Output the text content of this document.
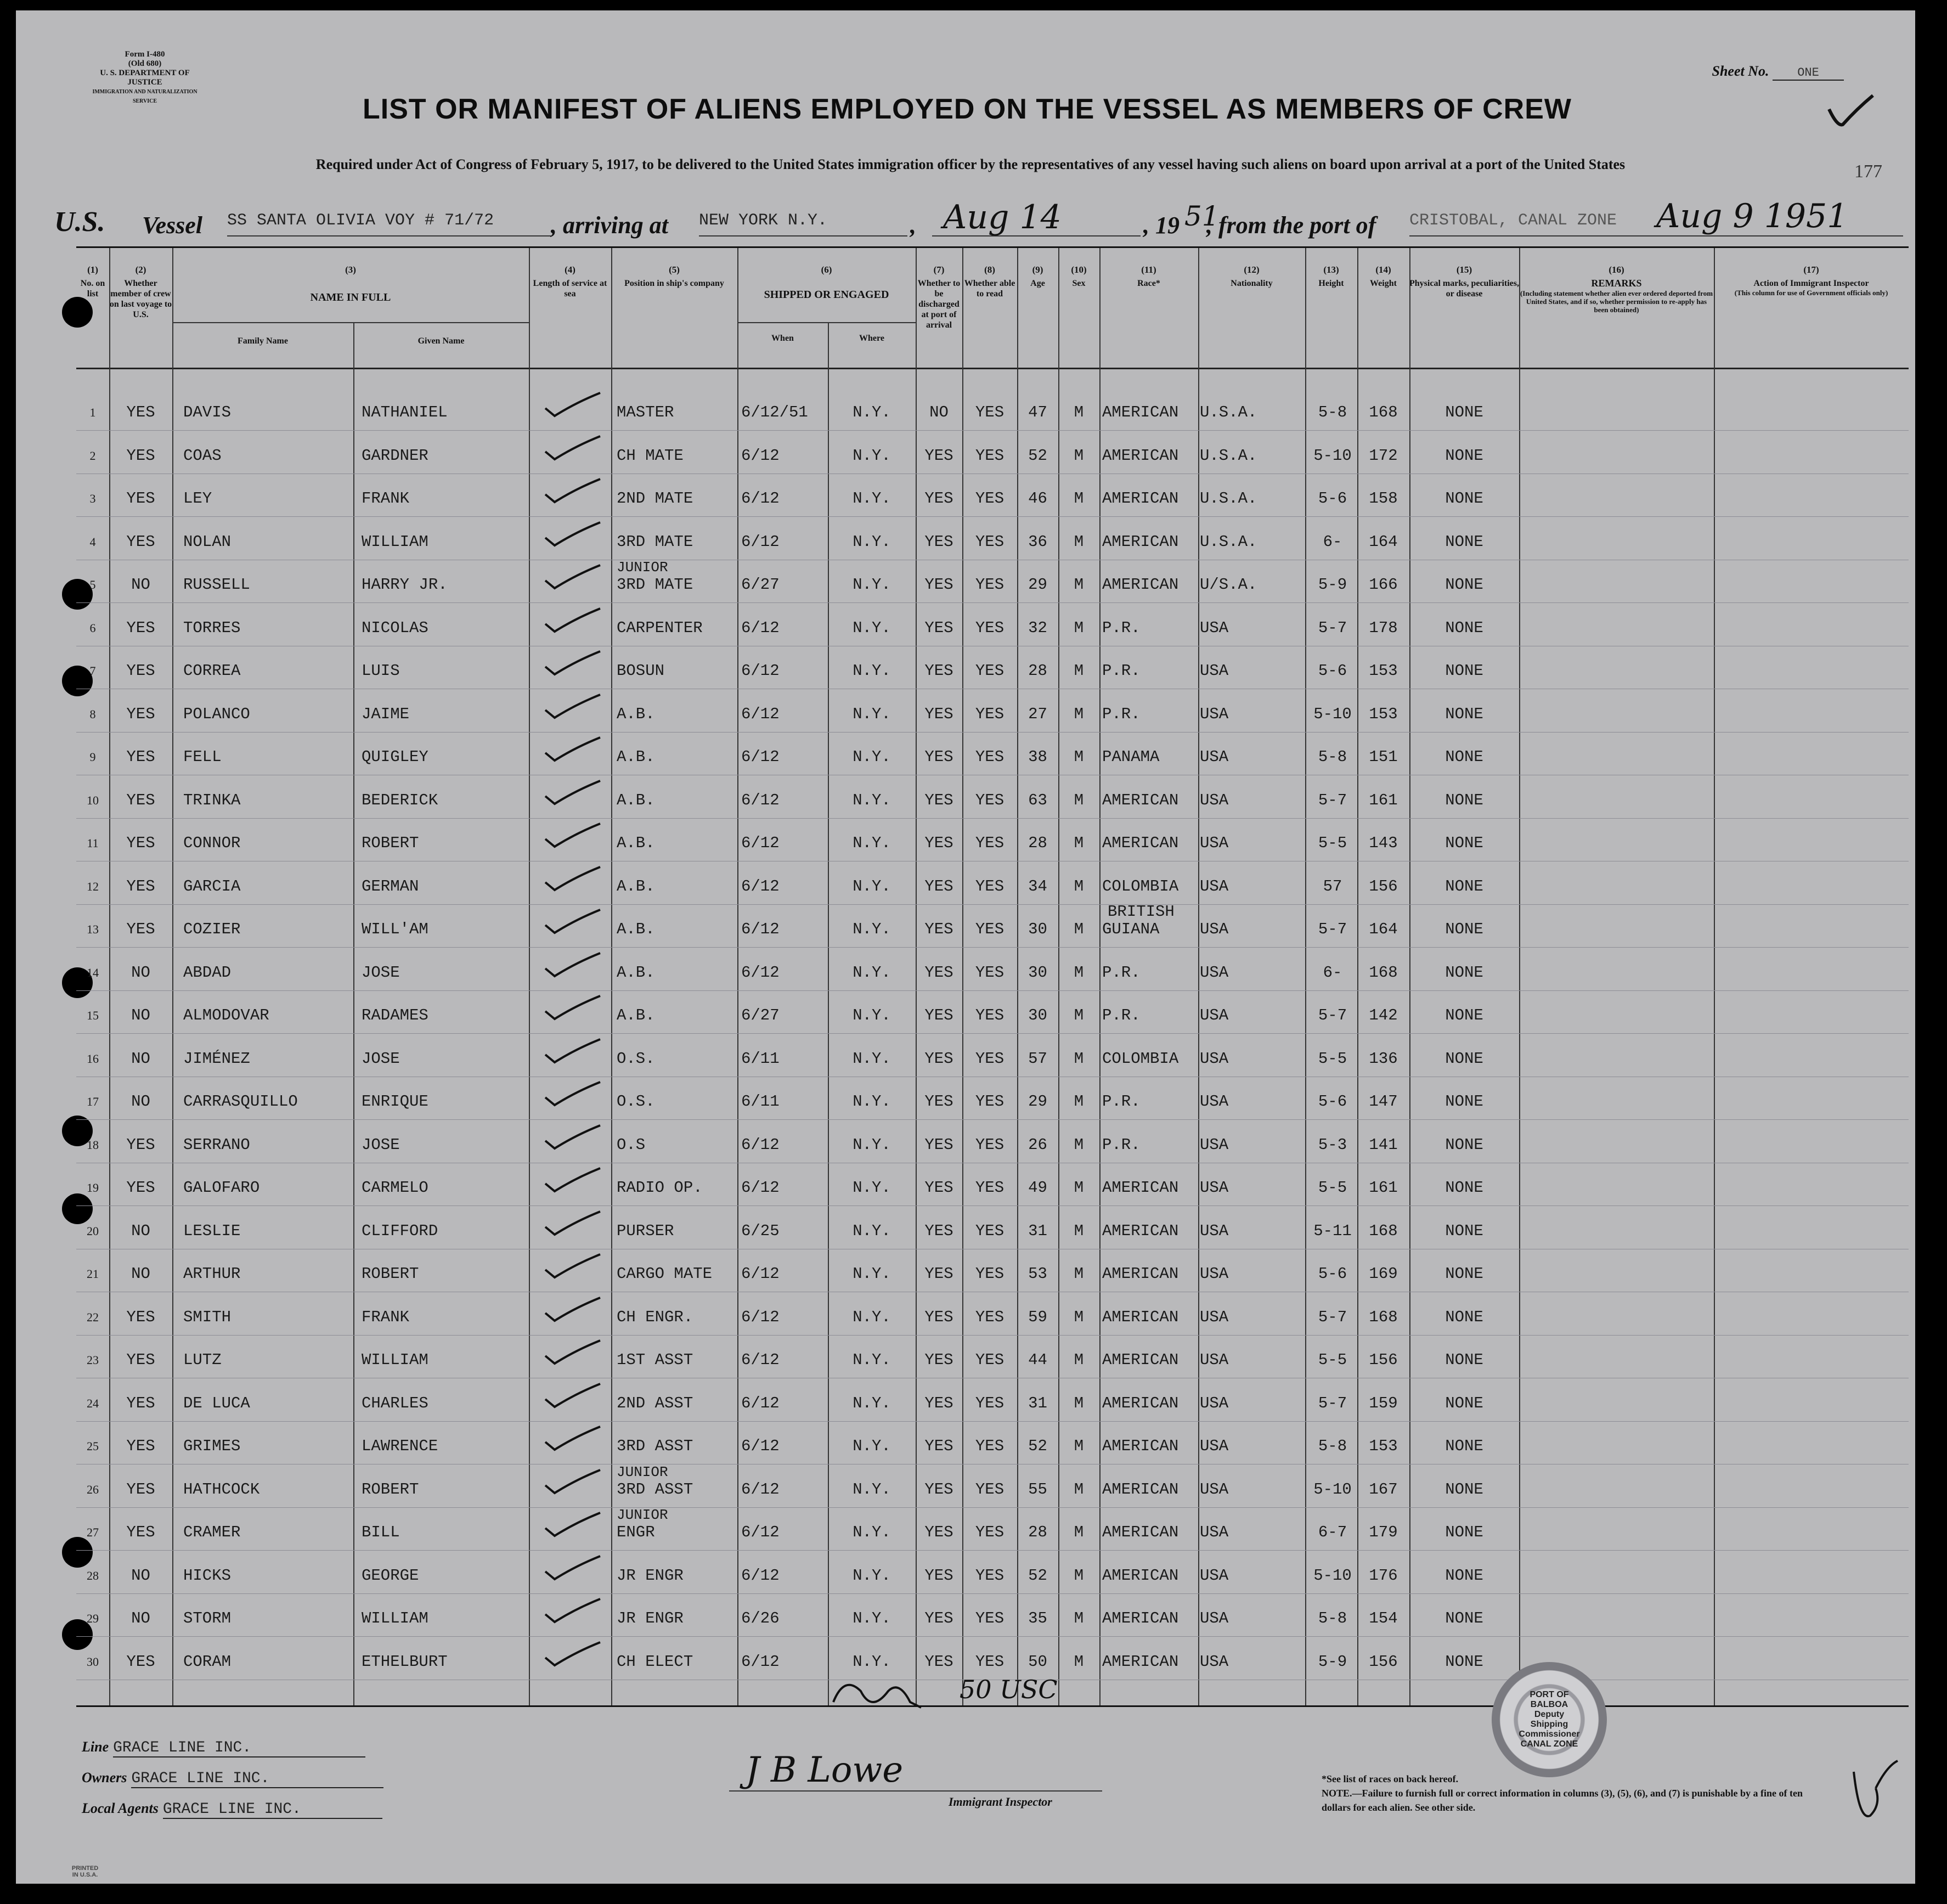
Form I-480
(Old 680)
U. S. DEPARTMENT OF JUSTICE
IMMIGRATION AND NATURALIZATION SERVICE
Sheet No. ONE
LIST OR MANIFEST OF ALIENS EMPLOYED ON THE VESSEL AS MEMBERS OF CREW
Required under Act of Congress of February 5, 1917, to be delivered to the United States immigration officer by the representatives of any vessel having such aliens on board upon arrival at a port of the United States	177
U.S. Vessel SS SANTA OLIVIA VOY # 71/72	, arriving at NEW YORK N.Y.	, Aug 14	, 19 51
, from the port of CRISTOBAL, CANAL ZONE	Aug 9 1951
(1)
No. on list
(2)
Whether member of crew on last voyage to U.S.
(3)
NAME IN FULL
(4)
Length of service at sea
(5)
Position in ship's company
(6)
SHIPPED OR ENGAGED
(7)
Whether to be discharged at port of arrival
(8)
Whether able to read
(9)
Age
(10)
Sex
(11)
Race*
(12)
Nationality
(13)
Height
(14)
Weight
(15)
Physical marks, peculiarities, or disease
(16)
REMARKS

(Including statement whether alien ever ordered deported from United States, and if so, whether permission to re-apply has been obtained)
(17)
Action of Immigrant Inspector

(This column for use of Government officials only)
Family Name	Given Name	When	Where
1	YES	DAVIS	NATHANIEL	MASTER	6/12/51	N.Y.	NO	YES	47	M	AMERICAN	U.S.A.	5-8	168	NONE
2	YES	COAS	GARDNER	CH MATE	6/12	N.Y.	YES	YES	52	M	AMERICAN	U.S.A.	5-10	172	NONE
3	YES	LEY	FRANK	2ND MATE	6/12	N.Y.	YES	YES	46	M	AMERICAN	U.S.A.	5-6	158	NONE
4	YES	NOLAN	WILLIAM	3RD MATE	6/12	N.Y.	YES	YES	36	M	AMERICAN	U.S.A.	6-	164	NONE
5	NO	RUSSELL	HARRY JR.	3RD MATE	6/27	N.Y.	YES	YES	29	M	AMERICAN	U/S.A.	5-9	166	NONE
JUNIOR
6	YES	TORRES	NICOLAS	CARPENTER	6/12	N.Y.	YES	YES	32	M	P.R.	USA	5-7	178	NONE
7	YES	CORREA	LUIS	BOSUN	6/12	N.Y.	YES	YES	28	M	P.R.	USA	5-6	153	NONE
8	YES	POLANCO	JAIME	A.B.	6/12	N.Y.	YES	YES	27	M	P.R.	USA	5-10	153	NONE
9	YES	FELL	QUIGLEY	A.B.	6/12	N.Y.	YES	YES	38	M	PANAMA	USA	5-8	151	NONE
10	YES	TRINKA	BEDERICK	A.B.	6/12	N.Y.	YES	YES	63	M	AMERICAN	USA	5-7	161	NONE
11	YES	CONNOR	ROBERT	A.B.	6/12	N.Y.	YES	YES	28	M	AMERICAN	USA	5-5	143	NONE
12	YES	GARCIA	GERMAN	A.B.	6/12	N.Y.	YES	YES	34	M	COLOMBIA	USA	57	156	NONE
13	YES	COZIER	WILL'AM	A.B.	6/12	N.Y.	YES	YES	30	M	GUIANA	USA	5-7	164	NONE
BRITISH
14	NO	ABDAD	JOSE	A.B.	6/12	N.Y.	YES	YES	30	M	P.R.	USA	6-	168	NONE
15	NO	ALMODOVAR	RADAMES	A.B.	6/27	N.Y.	YES	YES	30	M	P.R.	USA	5-7	142	NONE
16	NO	JIMÉNEZ	JOSE	O.S.	6/11	N.Y.	YES	YES	57	M	COLOMBIA	USA	5-5	136	NONE
17	NO	CARRASQUILLO	ENRIQUE	O.S.	6/11	N.Y.	YES	YES	29	M	P.R.	USA	5-6	147	NONE
18	YES	SERRANO	JOSE	O.S	6/12	N.Y.	YES	YES	26	M	P.R.	USA	5-3	141	NONE
19	YES	GALOFARO	CARMELO	RADIO OP.	6/12	N.Y.	YES	YES	49	M	AMERICAN	USA	5-5	161	NONE
20	NO	LESLIE	CLIFFORD	PURSER	6/25	N.Y.	YES	YES	31	M	AMERICAN	USA	5-11	168	NONE
21	NO	ARTHUR	ROBERT	CARGO MATE	6/12	N.Y.	YES	YES	53	M	AMERICAN	USA	5-6	169	NONE
22	YES	SMITH	FRANK	CH ENGR.	6/12	N.Y.	YES	YES	59	M	AMERICAN	USA	5-7	168	NONE
23	YES	LUTZ	WILLIAM	1ST ASST	6/12	N.Y.	YES	YES	44	M	AMERICAN	USA	5-5	156	NONE
24	YES	DE LUCA	CHARLES	2ND ASST	6/12	N.Y.	YES	YES	31	M	AMERICAN	USA	5-7	159	NONE
25	YES	GRIMES	LAWRENCE	3RD ASST	6/12	N.Y.	YES	YES	52	M	AMERICAN	USA	5-8	153	NONE
26	YES	HATHCOCK	ROBERT	3RD ASST	6/12	N.Y.	YES	YES	55	M	AMERICAN	USA	5-10	167	NONE
JUNIOR
27	YES	CRAMER	BILL	ENGR	6/12	N.Y.	YES	YES	28	M	AMERICAN	USA	6-7	179	NONE
JUNIOR
28	NO	HICKS	GEORGE	JR ENGR	6/12	N.Y.	YES	YES	52	M	AMERICAN	USA	5-10	176	NONE
29	NO	STORM	WILLIAM	JR ENGR	6/26	N.Y.	YES	YES	35	M	AMERICAN	USA	5-8	154	NONE
30	YES	CORAM	ETHELBURT	CH ELECT	6/12	N.Y.	YES	YES	50	M	AMERICAN	USA	5-9	156	NONE
50 USC
Line GRACE LINE INC.
Owners GRACE LINE INC.
Local Agents GRACE LINE INC.
J B Lowe
Immigrant Inspector
*See list of races on back hereof.
NOTE.—Failure to furnish full or correct information in columns (3), (5), (6), and (7) is punishable by a fine of ten dollars for each alien. See other side.
PORT OF BALBOA Deputy Shipping Commissioner CANAL ZONE
PRINTED IN U.S.A.
